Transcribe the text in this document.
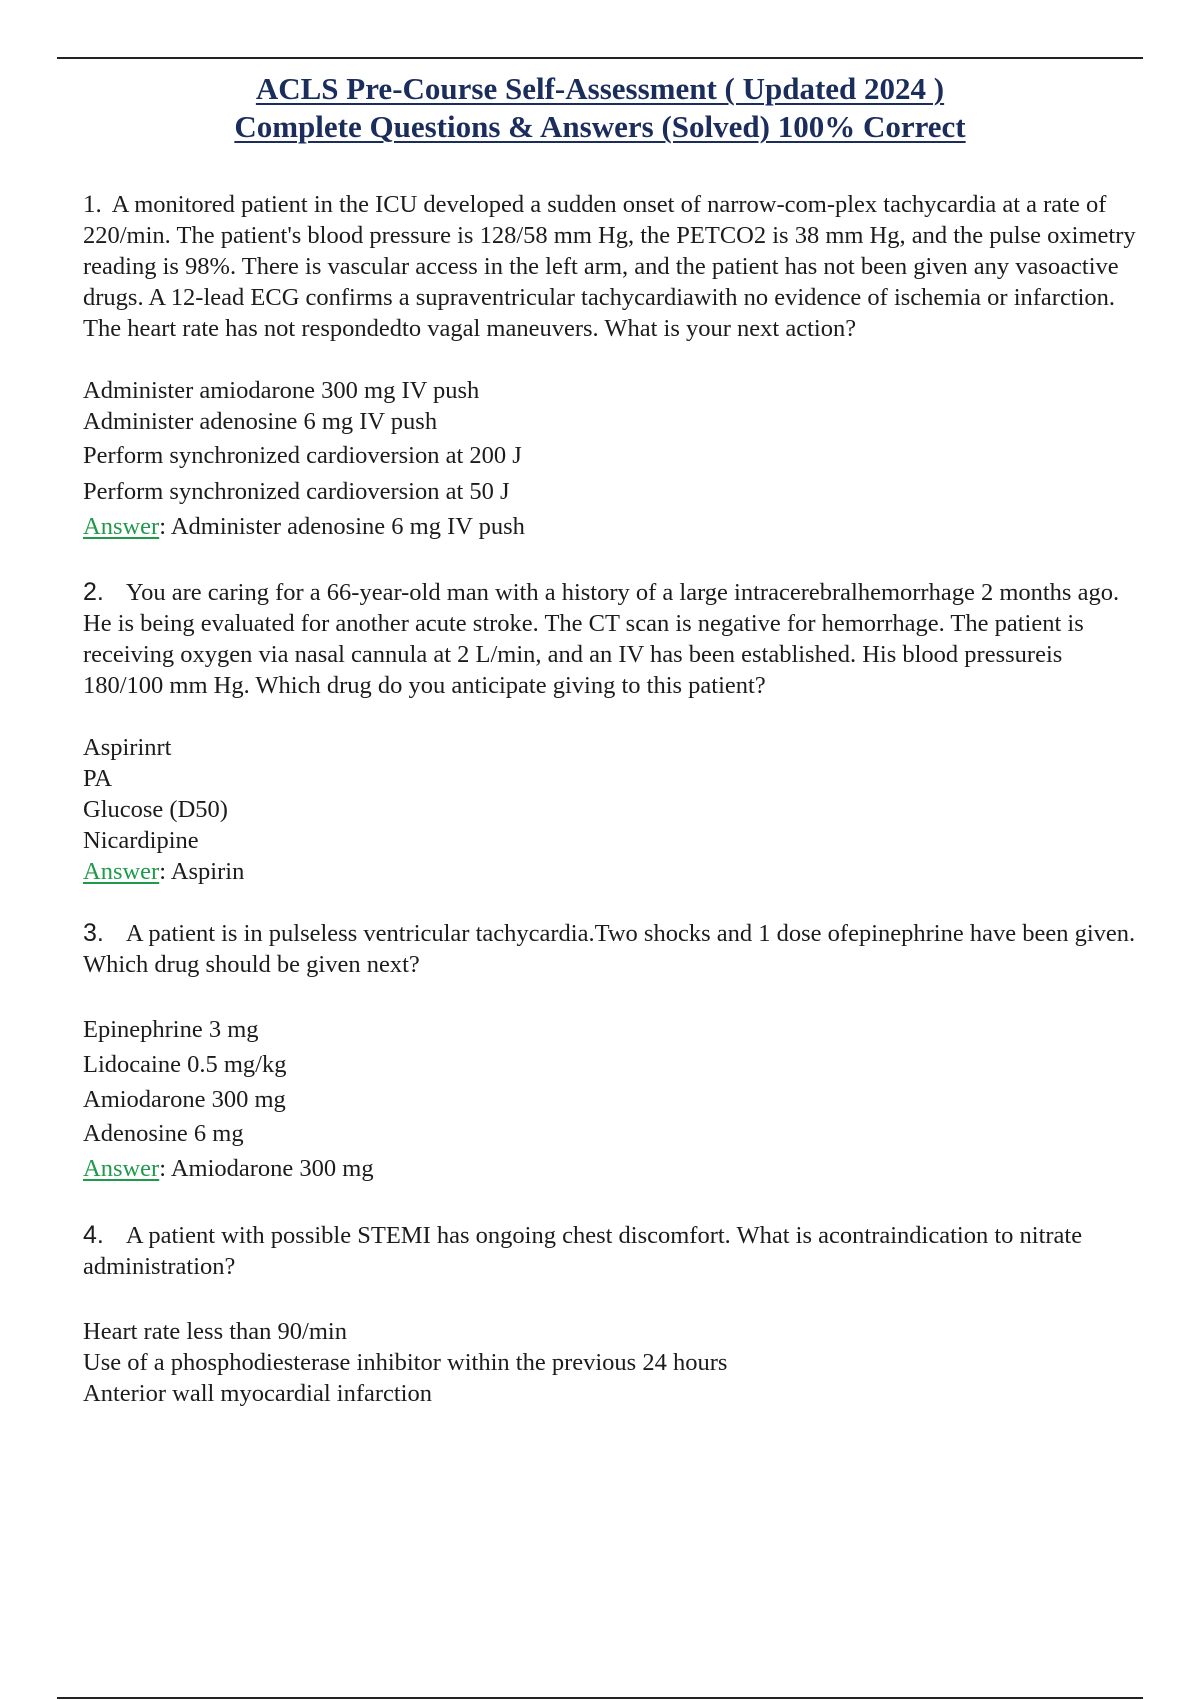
ACLS Pre-Course Self-Assessment ( Updated 2024 )
Complete Questions & Answers (Solved) 100% Correct

1. A monitored patient in the ICU developed a sudden onset of narrow-com-plex tachycardia at a rate of 220/min. The patient's blood pressure is 128/58 mm Hg, the PETCO2 is 38 mm Hg, and the pulse oximetry reading is 98%. There is vascular access in the left arm, and the patient has not been given any vasoactive drugs. A 12-lead ECG confirms a supraventricular tachycardiawith no evidence of ischemia or infarction. The heart rate has not respondedto vagal maneuvers. What is your next action?

Administer amiodarone 300 mg IV push
Administer adenosine 6 mg IV push
Perform synchronized cardioversion at 200 J
Perform synchronized cardioversion at 50 J

Answer: Administer adenosine 6 mg IV push

2. You are caring for a 66-year-old man with a history of a large intracerebralhemorrhage 2 months ago. He is being evaluated for another acute stroke. The CT scan is negative for hemorrhage. The patient is receiving oxygen via nasal cannula at 2 L/min, and an IV has been established. His blood pressureis 180/100 mm Hg. Which drug do you anticipate giving to this patient?

Aspirinrt
PA
Glucose (D50)
Nicardipine

Answer: Aspirin

3. A patient is in pulseless ventricular tachycardia.Two shocks and 1 dose ofepinephrine have been given. Which drug should be given next?

Epinephrine 3 mg
Lidocaine 0.5 mg/kg
Amiodarone 300 mg
Adenosine 6 mg

Answer: Amiodarone 300 mg

4. A patient with possible STEMI has ongoing chest discomfort. What is acontraindication to nitrate administration?

Heart rate less than 90/min
Use of a phosphodiesterase inhibitor within the previous 24 hours
Anterior wall myocardial infarction
